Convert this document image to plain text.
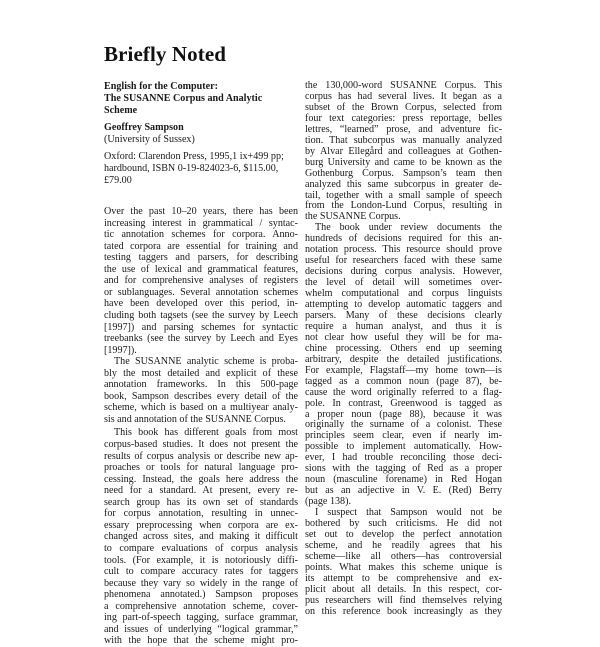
Briefly Noted
English for the Computer:
The SUSANNE Corpus and Analytic
Scheme
Geoffrey Sampson
(University of Sussex)
Oxford: Clarendon Press, 1995,1 ix+499 pp;
hardbound, ISBN 0-19-824023-6, $115.00,
£79.00
Over the past 10–20 years, there has been
increasing interest in grammatical / syntac-
tic annotation schemes for corpora. Anno-
tated corpora are essential for training and
testing taggers and parsers, for describing
the use of lexical and grammatical features,
and for comprehensive analyses of registers
or sublanguages. Several annotation schemes
have been developed over this period, in-
cluding both tagsets (see the survey by Leech
[1997]) and parsing schemes for syntactic
treebanks (see the survey by Leech and Eyes
[1997]).
The SUSANNE analytic scheme is proba-
bly the most detailed and explicit of these
annotation frameworks. In this 500-page
book, Sampson describes every detail of the
scheme, which is based on a multiyear analy-
sis and annotation of the SUSANNE Corpus.
This book has different goals from most
corpus-based studies. It does not present the
results of corpus analysis or describe new ap-
proaches or tools for natural language pro-
cessing. Instead, the goals here address the
need for a standard. At present, every re-
search group has its own set of standards
for corpus annotation, resulting in unnec-
essary preprocessing when corpora are ex-
changed across sites, and making it difficult
to compare evaluations of corpus analysis
tools. (For example, it is notoriously diffi-
cult to compare accuracy rates for taggers
because they vary so widely in the range of
phenomena annotated.) Sampson proposes
a comprehensive annotation scheme, cover-
ing part-of-speech tagging, surface grammar,
and issues of underlying “logical grammar,”
with the hope that the scheme might pro-
the 130,000-word SUSANNE Corpus. This
corpus has had several lives. It began as a
subset of the Brown Corpus, selected from
four text categories: press reportage, belles
lettres, “learned” prose, and adventure fic-
tion. That subcorpus was manually analyzed
by Alvar Ellegård and colleagues at Gothen-
burg University and came to be known as the
Gothenburg Corpus. Sampson’s team then
analyzed this same subcorpus in greater de-
tail, together with a small sample of speech
from the London-Lund Corpus, resulting in
the SUSANNE Corpus.
The book under review documents the
hundreds of decisions required for this an-
notation process. This resource should prove
useful for researchers faced with these same
decisions during corpus analysis. However,
the level of detail will sometimes over-
whelm computational and corpus linguists
attempting to develop automatic taggers and
parsers. Many of these decisions clearly
require a human analyst, and thus it is
not clear how useful they will be for ma-
chine processing. Others end up seeming
arbitrary, despite the detailed justifications.
For example, Flagstaff—my home town—is
tagged as a common noun (page 87), be-
cause the word originally referred to a flag-
pole. In contrast, Greenwood is tagged as
a proper noun (page 88), because it was
originally the surname of a colonist. These
principles seem clear, even if nearly im-
possible to implement automatically. How-
ever, I had trouble reconciling those deci-
sions with the tagging of Red as a proper
noun (masculine forename) in Red Hogan
but as an adjective in V. E. (Red) Berry
(page 138).
I suspect that Sampson would not be
bothered by such criticisms. He did not
set out to develop the perfect annotation
scheme, and he readily agrees that his
scheme—like all others—has controversial
points. What makes this scheme unique is
its attempt to be comprehensive and ex-
plicit about all details. In this respect, cor-
pus researchers will find themselves relying
on this reference book increasingly as they
